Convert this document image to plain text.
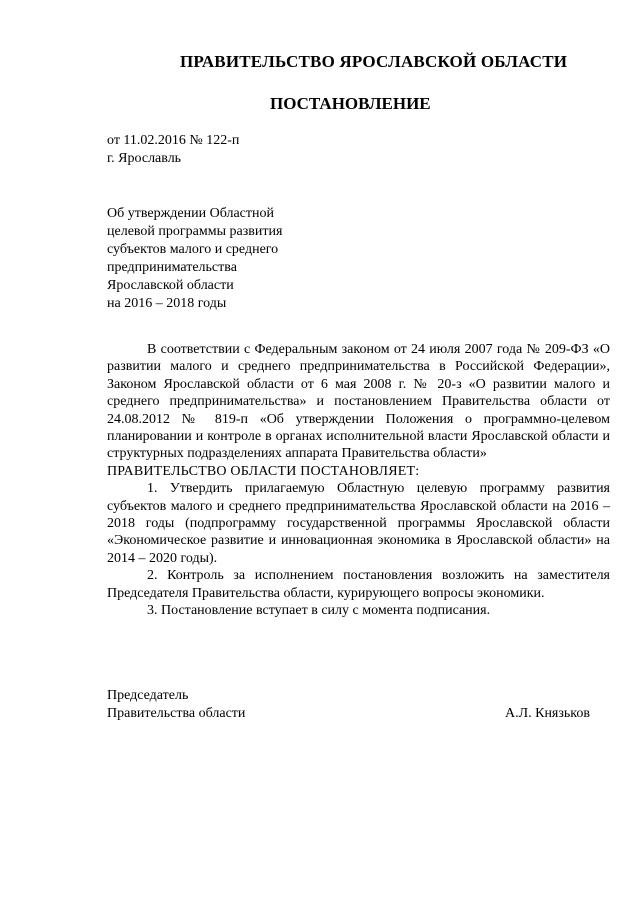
ПРАВИТЕЛЬСТВО ЯРОСЛАВСКОЙ ОБЛАСТИ
ПОСТАНОВЛЕНИЕ
от 11.02.2016 № 122-п
г. Ярославль
Об утверждении Областной
целевой программы развития
субъектов малого и среднего
предпринимательства
Ярославской области
на 2016 – 2018 годы

В соответствии с Федеральным законом от 24 июля 2007 года № 209-ФЗ «О развитии малого и среднего предпринимательства в Российской Федерации», Законом Ярославской области от 6 мая 2008 г. № 20-з «О развитии малого и среднего предпринимательства» и постановлением Правительства области от 24.08.2012 № 819-п «Об утверждении Положения о программно-целевом планировании и контроле в органах исполнительной власти Ярославской области и структурных подразделениях аппарата Правительства области»

ПРАВИТЕЛЬСТВО ОБЛАСТИ ПОСТАНОВЛЯЕТ:

1. Утвердить прилагаемую Областную целевую программу развития субъектов малого и среднего предпринимательства Ярославской области на 2016 – 2018 годы (подпрограмму государственной программы Ярославской области «Экономическое развитие и инновационная экономика в Ярославской области» на 2014 – 2020 годы).

2. Контроль за исполнением постановления возложить на заместителя Председателя Правительства области, курирующего вопросы экономики.

3. Постановление вступает в силу с момента подписания.

Председатель
Правительства области	А.Л. Князьков
